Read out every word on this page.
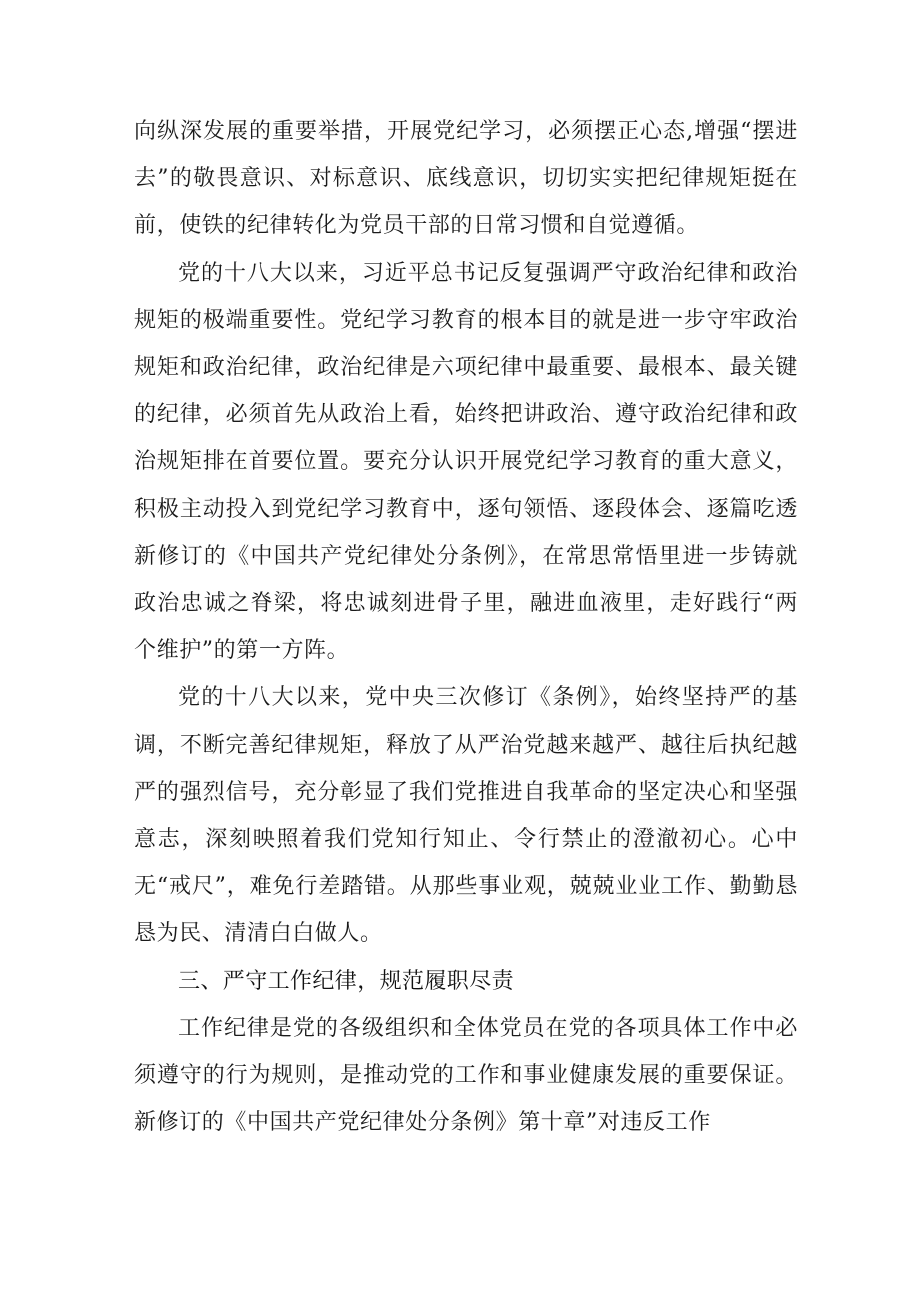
向纵深发展的重要举措，开展党纪学习，必须摆正心态,增强“摆进去”的敬畏意识、对标意识、底线意识，切切实实把纪律规矩挺在前，使铁的纪律转化为党员干部的日常习惯和自觉遵循。

党的十八大以来，习近平总书记反复强调严守政治纪律和政治规矩的极端重要性。党纪学习教育的根本目的就是进一步守牢政治规矩和政治纪律，政治纪律是六项纪律中最重要、最根本、最关键的纪律，必须首先从政治上看，始终把讲政治、遵守政治纪律和政治规矩排在首要位置。要充分认识开展党纪学习教育的重大意义，积极主动投入到党纪学习教育中，逐句领悟、逐段体会、逐篇吃透新修订的《中国共产党纪律处分条例》，在常思常悟里进一步铸就政治忠诚之脊梁，将忠诚刻进骨子里，融进血液里，走好践行“两个维护”的第一方阵。

党的十八大以来，党中央三次修订《条例》，始终坚持严的基调，不断完善纪律规矩，释放了从严治党越来越严、越往后执纪越严的强烈信号，充分彰显了我们党推进自我革命的坚定决心和坚强意志，深刻映照着我们党知行知止、令行禁止的澄澈初心。心中无“戒尺”，难免行差踏错。从那些事业观，兢兢业业工作、勤勤恳恳为民、清清白白做人。

三、严守工作纪律，规范履职尽责

工作纪律是党的各级组织和全体党员在党的各项具体工作中必须遵守的行为规则，是推动党的工作和事业健康发展的重要保证。新修订的《中国共产党纪律处分条例》第十章”对违反工作
